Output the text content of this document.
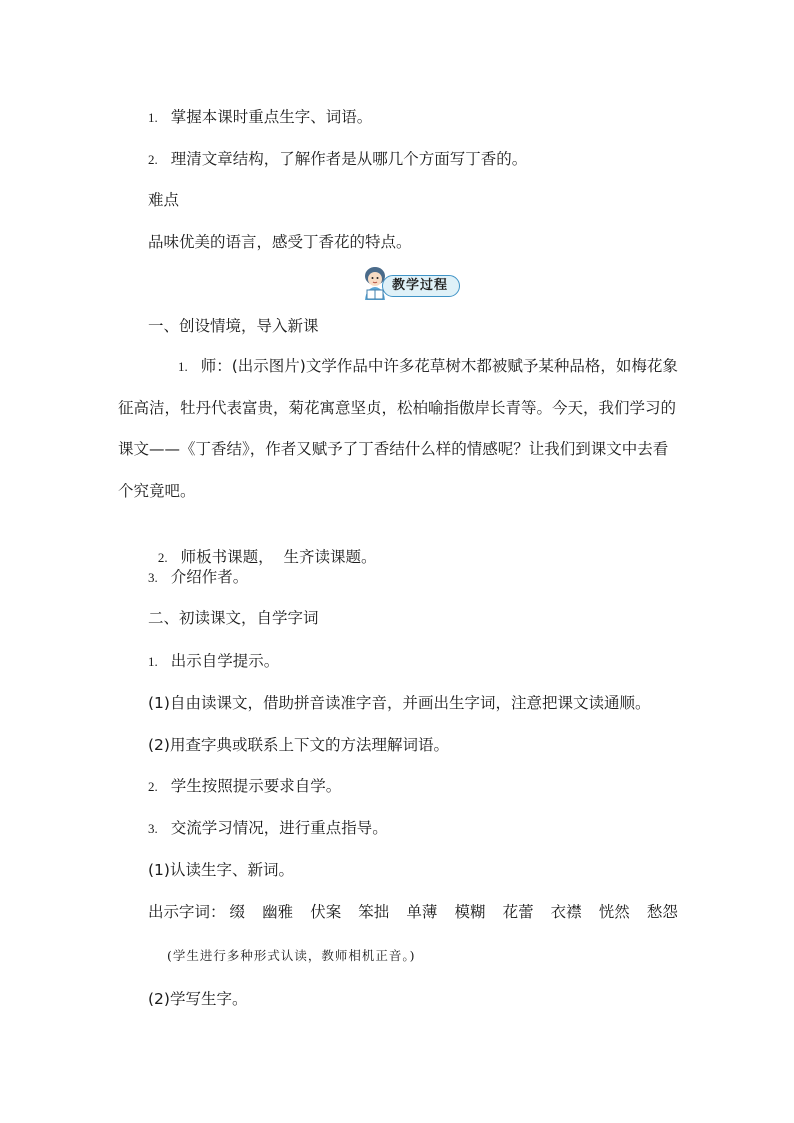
1. 掌握本课时重点生字、词语。
2. 理清文章结构，了解作者是从哪几个方面写丁香的。
难点
品味优美的语言，感受丁香花的特点。
教学过程
一、创设情境，导入新课
1. 师：(出示图片)文学作品中许多花草树木都被赋予某种品格，如梅花象
征高洁，牡丹代表富贵，菊花寓意坚贞，松柏喻指傲岸长青等。今天，我们学习的
课文——《丁香结》，作者又赋予了丁香结什么样的情感呢？让我们到课文中去看
个究竟吧。

2. 师板书课题，  生齐读课题。

3. 介绍作者。
二、初读课文，自学字词
1. 出示自学提示。
(1)自由读课文，借助拼音读准字音，并画出生字词，注意把课文读通顺。
(2)用查字典或联系上下文的方法理解词语。
2. 学生按照提示要求自学。
3. 交流学习情况，进行重点指导。
(1)认读生字、新词。
出示字词： 缀 幽雅 伏案 笨拙 单薄 模糊 花蕾 衣襟 恍然 愁怨
(学生进行多种形式认读，教师相机正音。)
(2)学写生字。
